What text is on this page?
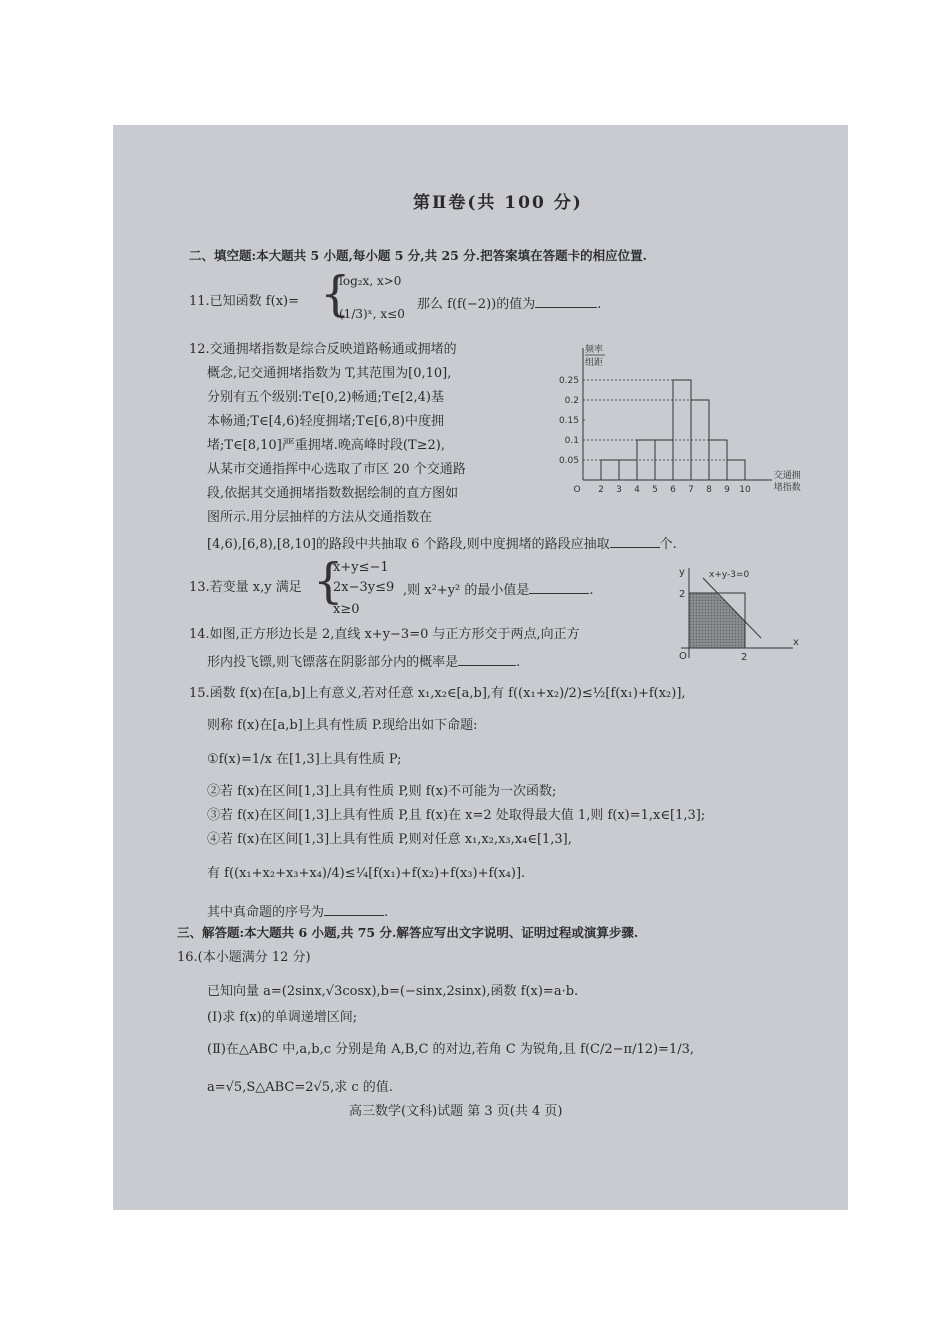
第Ⅱ卷(共 100 分)
二、填空题:本大题共 5 小题,每小题 5 分,共 25 分.把答案填在答题卡的相应位置.
11.已知函数 f(x)= {
log₂x, x>0
(1/3)ˣ, x≤0
那么 f(f(−2))的值为	.
12.交通拥堵指数是综合反映道路畅通或拥堵的
概念,记交通拥堵指数为 T,其范围为[0,10],
分别有五个级别:T∈[0,2)畅通;T∈[2,4)基
本畅通;T∈[4,6)轻度拥堵;T∈[6,8)中度拥
堵;T∈[8,10]严重拥堵.晚高峰时段(T≥2),
从某市交通指挥中心选取了市区 20 个交通路
段,依据其交通拥堵指数数据绘制的直方图如
图所示.用分层抽样的方法从交通指数在
[4,6),[6,8),[8,10]的路段中共抽取 6 个路段,则中度拥堵的路段应抽取	个.
0.25
0.2
0.15
0.1
0.05
O 2 3 4 5 6 7 8 9 10
频率
组距
交通拥
堵指数
13.若变量 x,y 满足 {
x+y≤−1
2x−3y≤9
x≥0
,则 x²+y² 的最小值是	.
x+y-3=0
y
x
O	2
2
14.如图,正方形边长是 2,直线 x+y−3=0 与正方形交于两点,向正方
形内投飞镖,则飞镖落在阴影部分内的概率是	.
15.函数 f(x)在[a,b]上有意义,若对任意 x₁,x₂∈[a,b],有 f((x₁+x₂)/2)≤½[f(x₁)+f(x₂)],
则称 f(x)在[a,b]上具有性质 P.现给出如下命题:
①f(x)=1/x 在[1,3]上具有性质 P;
②若 f(x)在区间[1,3]上具有性质 P,则 f(x)不可能为一次函数;
③若 f(x)在区间[1,3]上具有性质 P,且 f(x)在 x=2 处取得最大值 1,则 f(x)=1,x∈[1,3];
④若 f(x)在区间[1,3]上具有性质 P,则对任意 x₁,x₂,x₃,x₄∈[1,3],
有 f((x₁+x₂+x₃+x₄)/4)≤¼[f(x₁)+f(x₂)+f(x₃)+f(x₄)].
其中真命题的序号为	.
三、解答题:本大题共 6 小题,共 75 分.解答应写出文字说明、证明过程或演算步骤.
16.(本小题满分 12 分)
已知向量 a=(2sinx,√3cosx),b=(−sinx,2sinx),函数 f(x)=a·b.
(Ⅰ)求 f(x)的单调递增区间;
(Ⅱ)在△ABC 中,a,b,c 分别是角 A,B,C 的对边,若角 C 为锐角,且 f(C/2−π/12)=1/3,
a=√5,S△ABC=2√5,求 c 的值.
高三数学(文科)试题 第 3 页(共 4 页)
